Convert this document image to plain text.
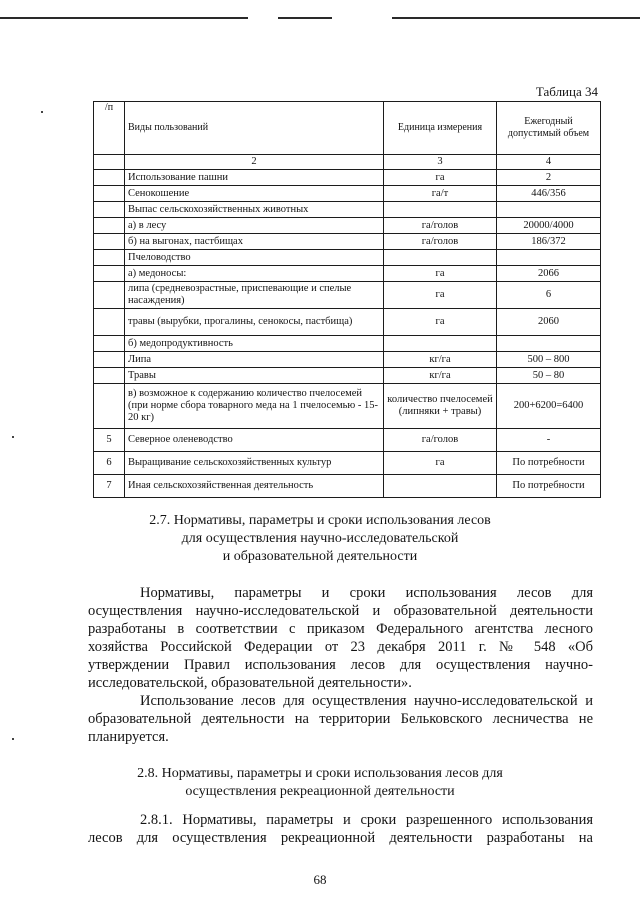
Таблица 34
/п	Виды пользований	Единица измерения	Ежегодный допустимый объем
	2	3	4
	Использование пашни	га	2
	Сенокошение	га/т	446/356
	Выпас сельскохозяйственных животных		
	а) в лесу	га/голов	20000/4000
	б) на выгонах, пастбищах	га/голов	186/372
	Пчеловодство		
	а) медоносы:	га	2066
	липа (средневозрастные, приспевающие и спелые насаждения)	га	6
	травы (вырубки, прогалины, сенокосы, пастбища)	га	2060
	б) медопродуктивность		
	Липа	кг/га	500 – 800
	Травы	кг/га	50 – 80
	в) возможное к содержанию количество пчелосемей (при норме сбора товарного меда на 1 пчелосемью - 15-20 кг)	количество пчелосемей (липняки + травы)	200+6200=6400
5	Северное оленеводство	га/голов	-
6	Выращивание сельскохозяйственных культур	га	По потребности
7	Иная сельскохозяйственная деятельность		По потребности
2.7. Нормативы, параметры и сроки использования лесов
для осуществления научно-исследовательской
и образовательной деятельности
Нормативы, параметры и сроки использования лесов для
осуществления научно-исследовательской и образовательной деятельности
разработаны в соответствии с приказом Федерального агентства лесного
хозяйства Российской Федерации от 23 декабря 2011 г. № 548 «Об
утверждении Правил использования лесов для осуществления научно-
исследовательской, образовательной деятельности».
Использование лесов для осуществления научно-исследовательской и
образовательной деятельности на территории Бельковского лесничества не
планируется.
2.8. Нормативы, параметры и сроки использования лесов для
осуществления рекреационной деятельности
2.8.1. Нормативы, параметры и сроки разрешенного использования
лесов для осуществления рекреационной деятельности разработаны на
68
